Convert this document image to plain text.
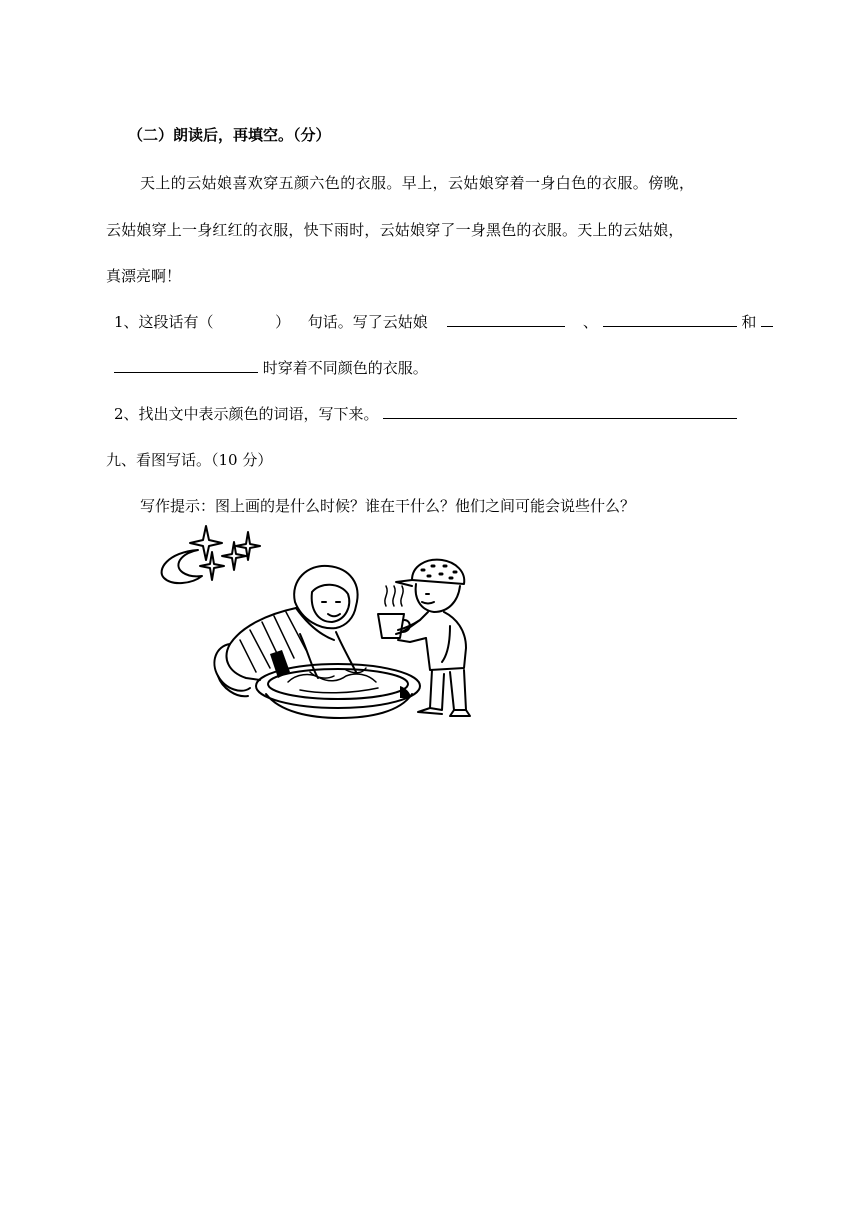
（二）朗读后，再填空。（分）
天上的云姑娘喜欢穿五颜六色的衣服。早上，云姑娘穿着一身白色的衣服。傍晚，
云姑娘穿上一身红红的衣服，快下雨时，云姑娘穿了一身黑色的衣服。天上的云姑娘，
真漂亮啊！
1、这段话有（	） 句话。写了云姑娘	、	和
时穿着不同颜色的衣服。
2、找出文中表示颜色的词语，写下来。
九、看图写话。（10 分）
写作提示：图上画的是什么时候？谁在干什么？他们之间可能会说些什么？
